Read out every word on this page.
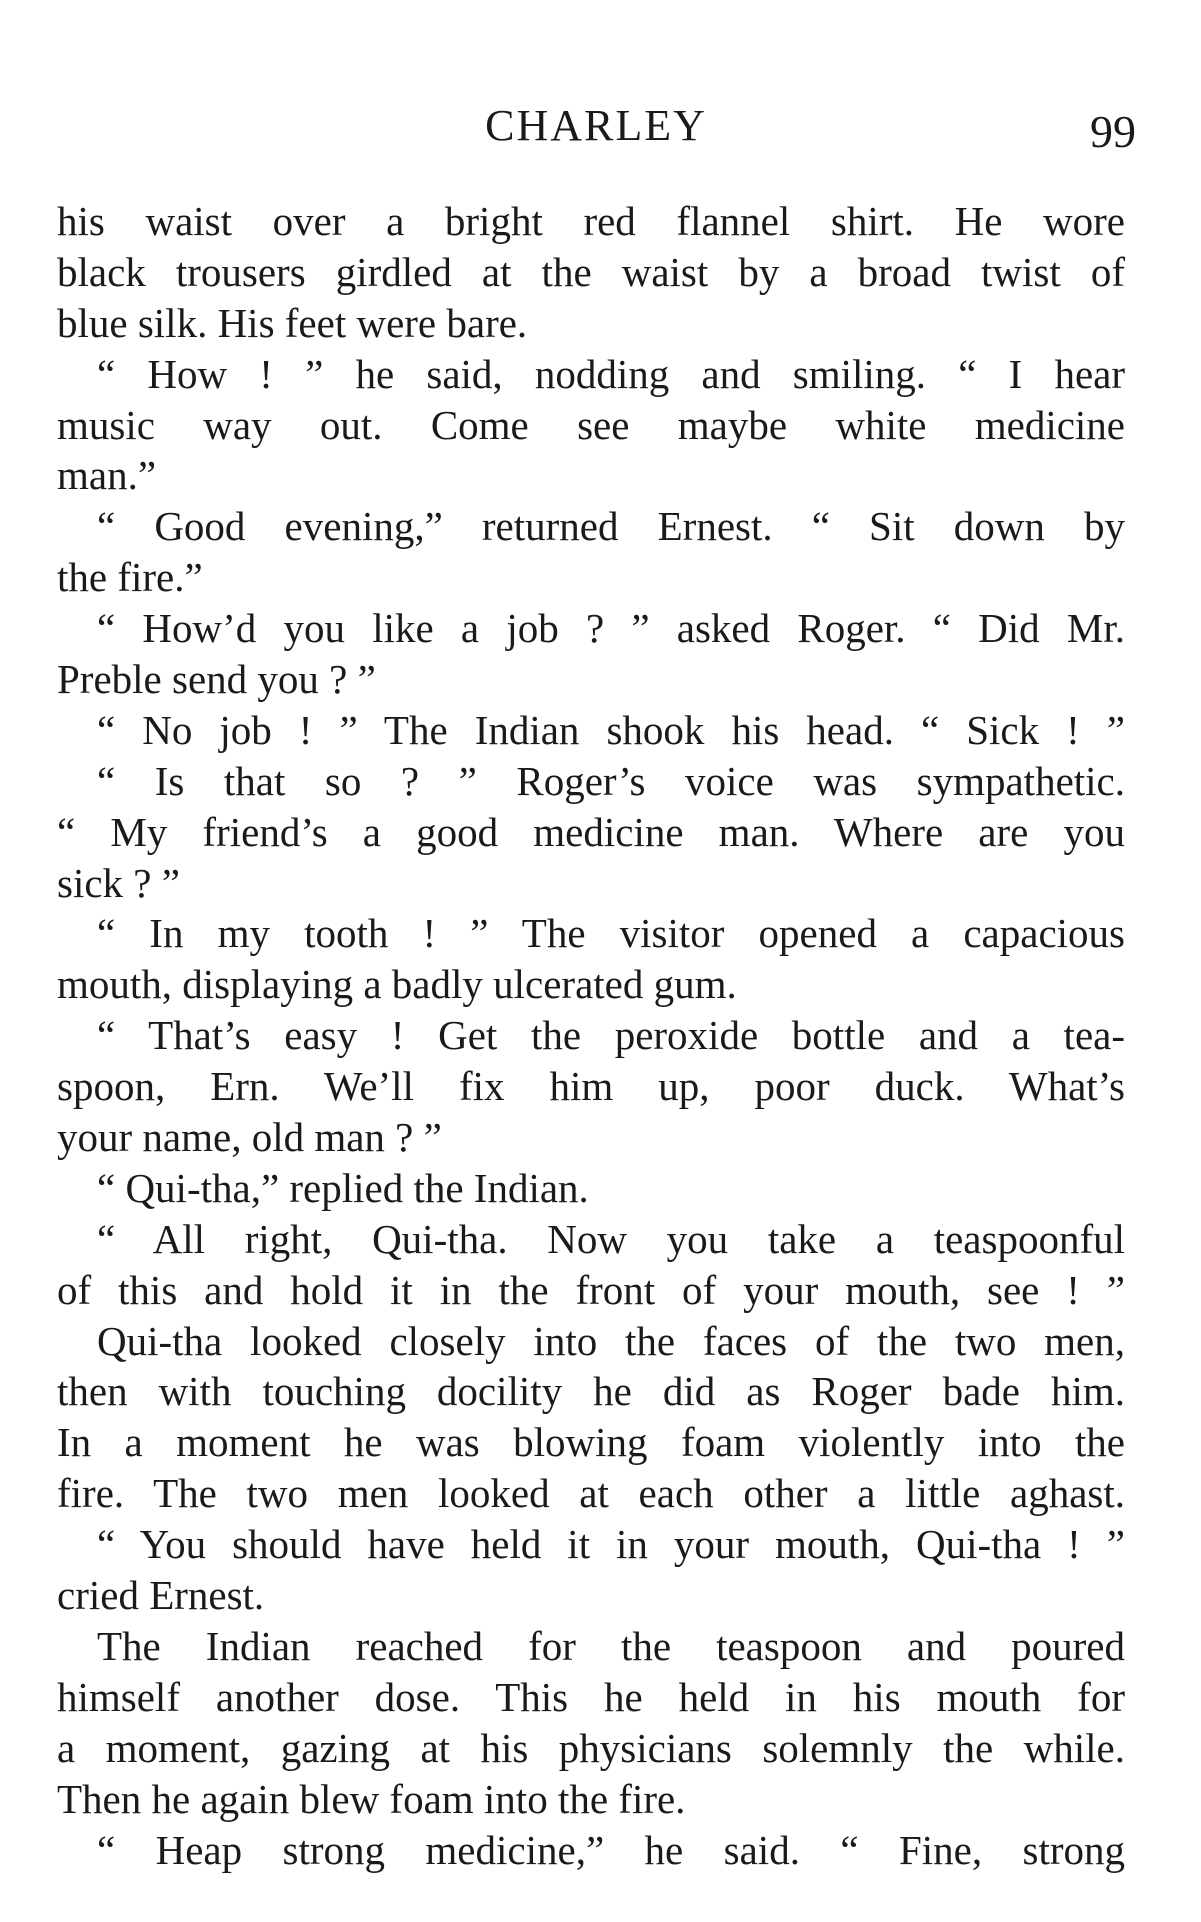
CHARLEY	99
his waist over a bright red flannel shirt. He wore
black trousers girdled at the waist by a broad twist of
blue silk. His feet were bare.
“ How ! ” he said, nodding and smiling. “ I hear
music way out. Come see maybe white medicine
man.”
“ Good evening,” returned Ernest. “ Sit down by
the fire.”
“ How’d you like a job ? ” asked Roger. “ Did Mr.
Preble send you ? ”
“ No job ! ” The Indian shook his head. “ Sick ! ”
“ Is that so ? ” Roger’s voice was sympathetic.
“ My friend’s a good medicine man. Where are you
sick ? ”
“ In my tooth ! ” The visitor opened a capacious
mouth, displaying a badly ulcerated gum.
“ That’s easy ! Get the peroxide bottle and a tea-
spoon, Ern. We’ll fix him up, poor duck. What’s
your name, old man ? ”
“ Qui-tha,” replied the Indian.
“ All right, Qui-tha. Now you take a teaspoonful
of this and hold it in the front of your mouth, see ! ”
Qui-tha looked closely into the faces of the two men,
then with touching docility he did as Roger bade him.
In a moment he was blowing foam violently into the
fire. The two men looked at each other a little aghast.
“ You should have held it in your mouth, Qui-tha ! ”
cried Ernest.
The Indian reached for the teaspoon and poured
himself another dose. This he held in his mouth for
a moment, gazing at his physicians solemnly the while.
Then he again blew foam into the fire.
“ Heap strong medicine,” he said. “ Fine, strong
